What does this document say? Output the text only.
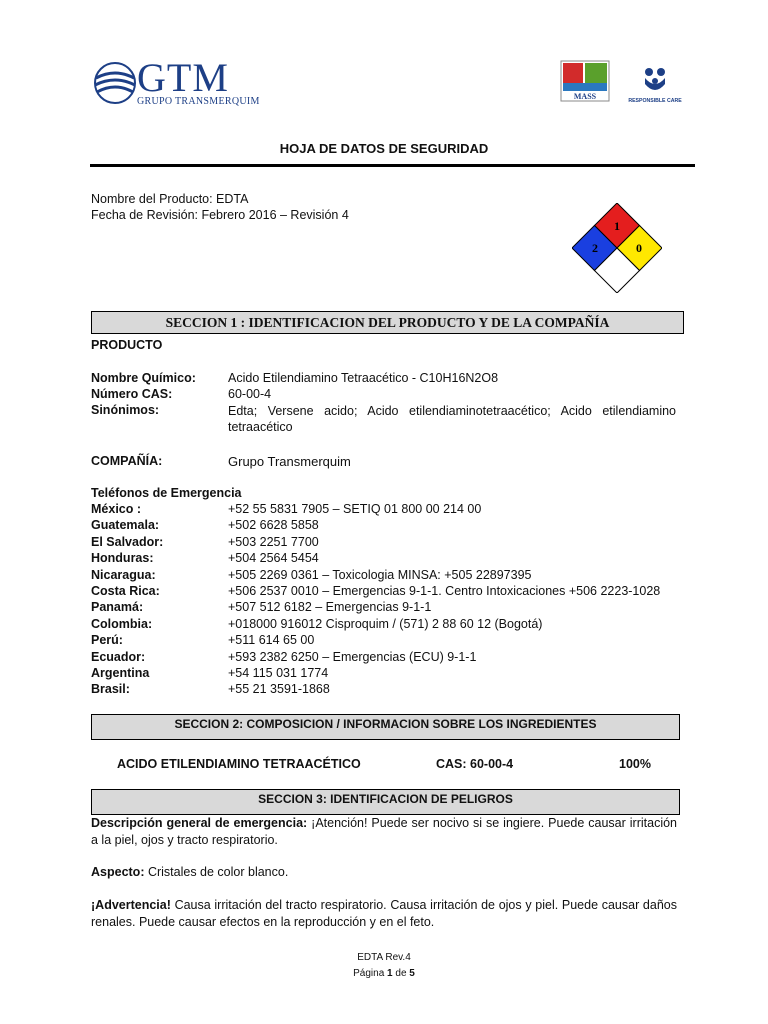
GTM
GRUPO TRANSMERQUIM	MASS	RESPONSIBLE CARE
HOJA DE DATOS DE SEGURIDAD
Nombre del Producto: EDTA
Fecha de Revisión: Febrero 2016 – Revisión 4
1
2	0
SECCION 1 : IDENTIFICACION DEL PRODUCTO Y DE LA COMPAÑÍA
PRODUCTO
Nombre Químico:	Acido Etilendiamino Tetraacético - C10H16N2O8
Número CAS:	60-00-4
Sinónimos:	Edta; Versene acido; Acido etilendiaminotetraacético; Acido etilendiamino tetraacético
COMPAÑÍA:	Grupo Transmerquim
Teléfonos de Emergencia
México :	+52 55 5831 7905 – SETIQ 01 800 00 214 00
Guatemala:	+502 6628 5858
El Salvador:	+503 2251 7700
Honduras:	+504 2564 5454
Nicaragua:	+505 2269 0361 – Toxicologia MINSA: +505 22897395
Costa Rica:	+506 2537 0010 – Emergencias 9-1-1. Centro Intoxicaciones +506 2223-1028
Panamá:	+507 512 6182 – Emergencias 9-1-1
Colombia:	+018000 916012 Cisproquim / (571) 2 88 60 12 (Bogotá)
Perú:	+511 614 65 00
Ecuador:	+593 2382 6250 – Emergencias (ECU) 9-1-1
Argentina	+54 115 031 1774
Brasil:	+55 21 3591-1868
SECCION 2: COMPOSICION / INFORMACION SOBRE LOS INGREDIENTES
ACIDO ETILENDIAMINO TETRAACÉTICO	CAS: 60-00-4	100%
SECCION 3: IDENTIFICACION DE PELIGROS
Descripción general de emergencia: ¡Atención! Puede ser nocivo si se ingiere. Puede causar irritación a la piel, ojos y tracto respiratorio.
Aspecto: Cristales de color blanco.
¡Advertencia! Causa irritación del tracto respiratorio. Causa irritación de ojos y piel. Puede causar daños renales. Puede causar efectos en la reproducción y en el feto.
EDTA Rev.4
Página 1 de 5
